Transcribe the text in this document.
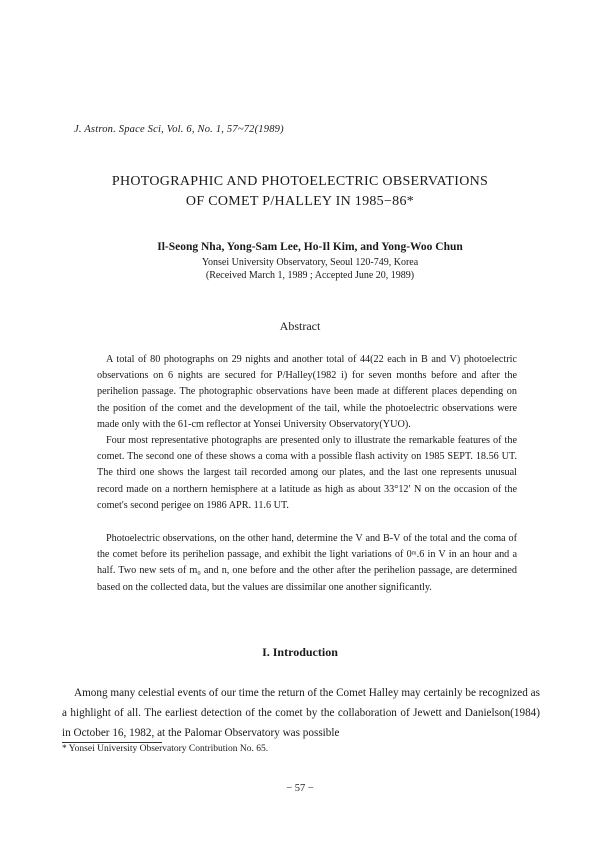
J. Astron. Space Sci, Vol. 6, No. 1, 57~72(1989)
PHOTOGRAPHIC AND PHOTOELECTRIC OBSERVATIONS
OF COMET P/HALLEY IN 1985−86*
Il-Seong Nha, Yong-Sam Lee, Ho-Il Kim, and Yong-Woo Chun
Yonsei University Observatory, Seoul 120-749, Korea
(Received March 1, 1989 ; Accepted June 20, 1989)
Abstract

A total of 80 photographs on 29 nights and another total of 44(22 each in B and V) photoelectric observations on 6 nights are secured for P/Halley(1982 i) for seven months before and after the perihelion passage. The photographic observations have been made at different places depending on the position of the comet and the development of the tail, while the photoelectric observations were made only with the 61-cm reflector at Yonsei University Observatory(YUO).

Four most representative photographs are presented only to illustrate the remarkable features of the comet. The second one of these shows a coma with a possible flash activity on 1985 SEPT. 18.56 UT. The third one shows the largest tail recorded among our plates, and the last one represents unusual record made on a northern hemisphere at a latitude as high as about 33°12′ N on the occasion of the comet's second perigee on 1986 APR. 11.6 UT.

Photoelectric observations, on the other hand, determine the V and B-V of the total and the coma of the comet before its perihelion passage, and exhibit the light variations of 0ᵐ.6 in V in an hour and a half. Two new sets of m₀ and n, one before and the other after the perihelion passage, are determined based on the collected data, but the values are dissimilar one another significantly.

I. Introduction

Among many celestial events of our time the return of the Comet Halley may certainly be recognized as a highlight of all. The earliest detection of the comet by the collaboration of Jewett and Danielson(1984) in October 16, 1982, at the Palomar Observatory was possible

* Yonsei University Observatory Contribution No. 65.
− 57 −
